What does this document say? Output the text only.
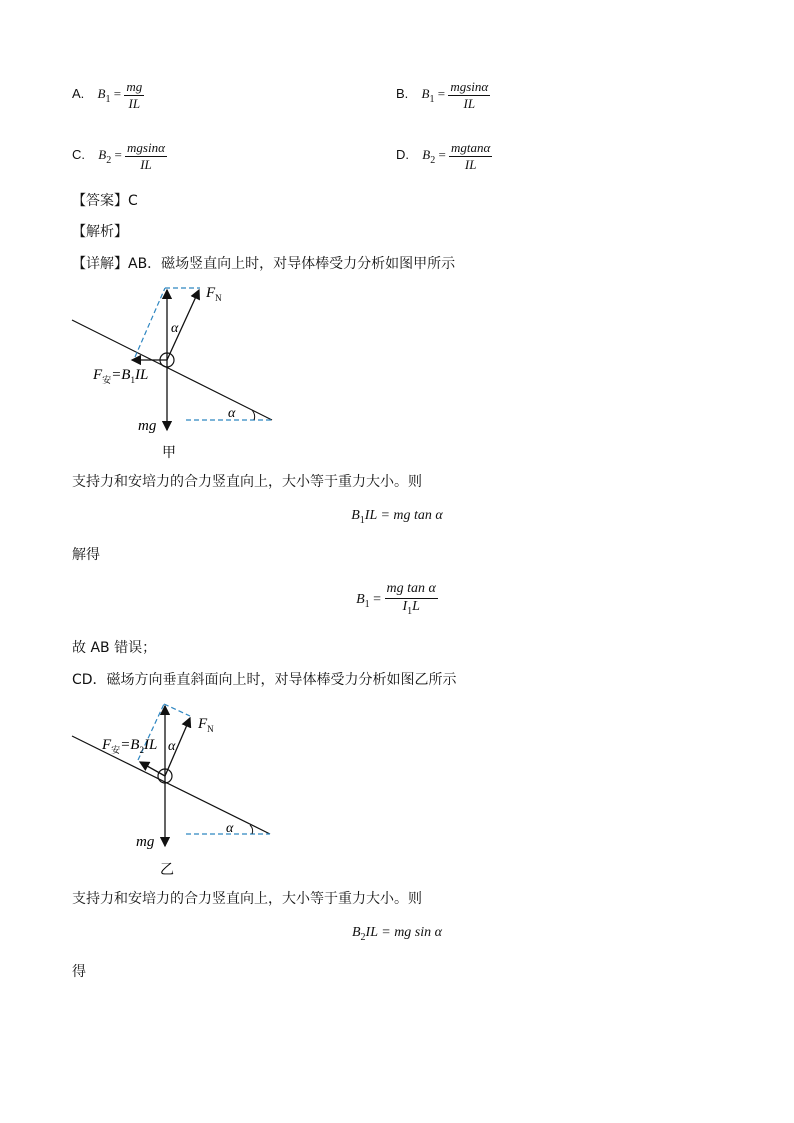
A. $B_1 = \frac{mg}{IL}$	B. $B_1 = \frac{mgsin\alpha}{IL}$
C. $B_2 = \frac{mgsin\alpha}{IL}$	D. $B_2 = \frac{mgtan\alpha}{IL}$
【答案】C
【解析】
【详解】AB．磁场竖直向上时，对导体棒受力分析如图甲所示
α
α
$F_N$
$F_安=B_1IL$
mg
甲
支持力和安培力的合力竖直向上，大小等于重力大小。则
$B_1IL$ = mg tan α
解得
$B_1 = \frac{\text{mg tan α}}{I_1L}$
故 AB 错误；
CD．磁场方向垂直斜面向上时，对导体棒受力分析如图乙所示
α
α
$F_N$
$F_安=B_2IL$
mg
乙
支持力和安培力的合力竖直向上，大小等于重力大小。则
$B_2IL$ = mg sin α
得
